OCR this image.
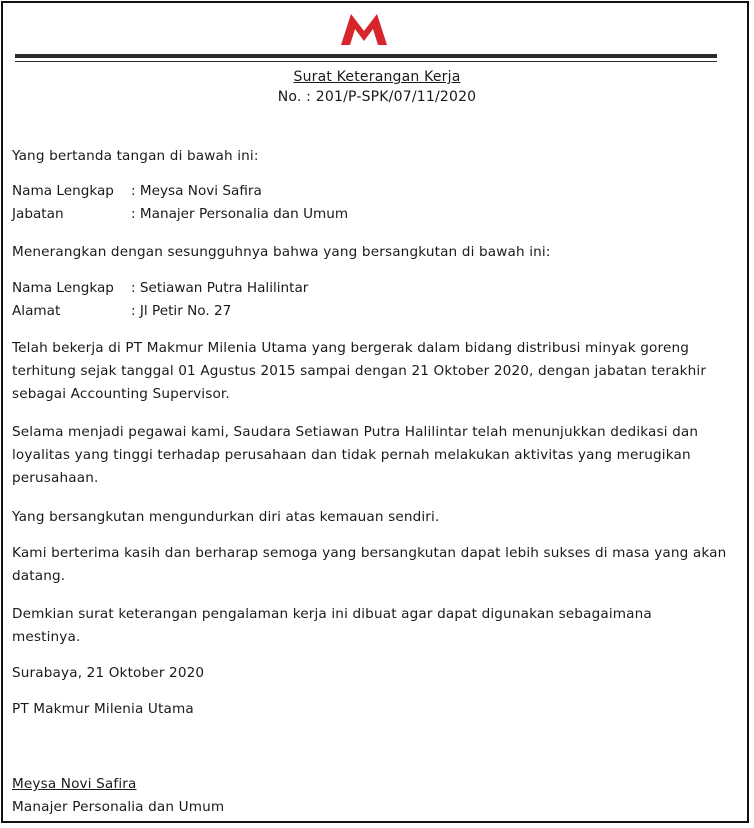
Surat Keterangan Kerja
No. : 201/P-SPK/07/11/2020
Yang bertanda tangan di bawah ini:
Nama Lengkap : Meysa Novi Safira
Jabatan	: Manajer Personalia dan Umum
Menerangkan dengan sesungguhnya bahwa yang bersangkutan di bawah ini:
Nama Lengkap : Setiawan Putra Halilintar
Alamat	: Jl Petir No. 27
Telah bekerja di PT Makmur Milenia Utama yang bergerak dalam bidang distribusi minyak goreng
terhitung sejak tanggal 01 Agustus 2015 sampai dengan 21 Oktober 2020, dengan jabatan terakhir
sebagai Accounting Supervisor.
Selama menjadi pegawai kami, Saudara Setiawan Putra Halilintar telah menunjukkan dedikasi dan
loyalitas yang tinggi terhadap perusahaan dan tidak pernah melakukan aktivitas yang merugikan
perusahaan.
Yang bersangkutan mengundurkan diri atas kemauan sendiri.
Kami berterima kasih dan berharap semoga yang bersangkutan dapat lebih sukses di masa yang akan
datang.
Demkian surat keterangan pengalaman kerja ini dibuat agar dapat digunakan sebagaimana
mestinya.
Surabaya, 21 Oktober 2020
PT Makmur Milenia Utama
Meysa Novi Safira
Manajer Personalia dan Umum
